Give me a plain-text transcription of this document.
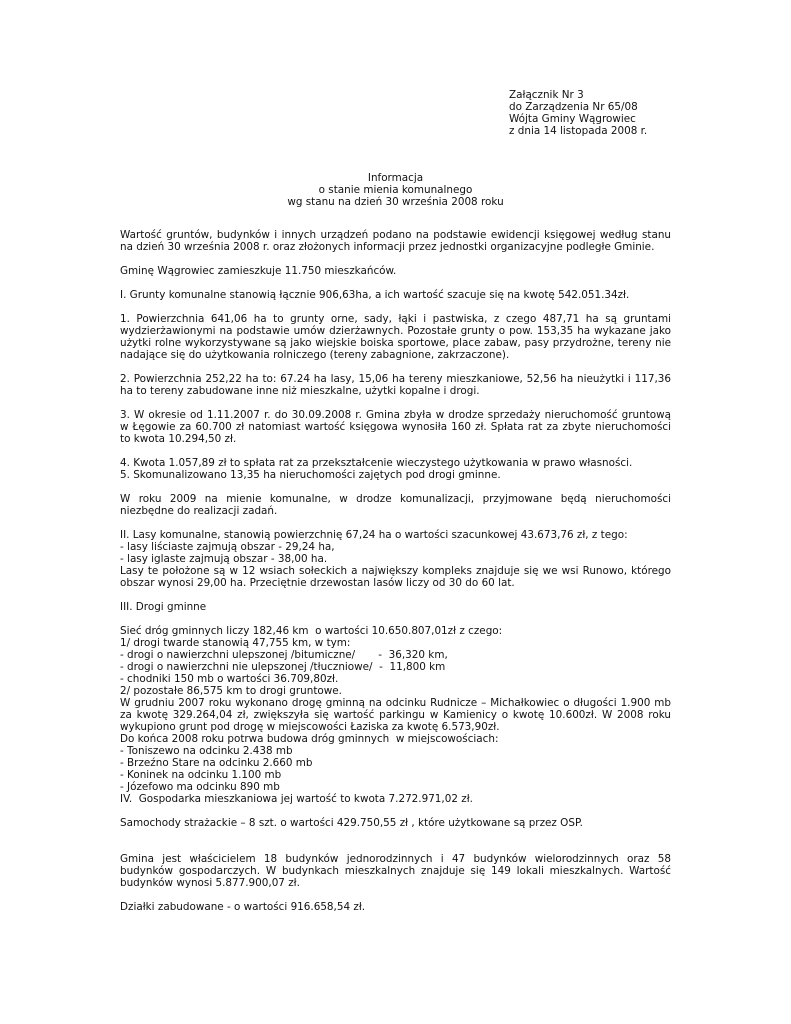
Załącznik Nr 3
do Zarządzenia Nr 65/08
Wójta Gminy Wągrowiec
z dnia 14 listopada 2008 r.
Informacja
o stanie mienia komunalnego
wg stanu na dzień 30 września 2008 roku

Wartość gruntów, budynków i innych urządzeń podano na podstawie ewidencji księgowej według stanu na dzień 30 września 2008 r. oraz złożonych informacji przez jednostki organizacyjne podległe Gminie.

Gminę Wągrowiec zamieszkuje 11.750 mieszkańców.

I. Grunty komunalne stanowią łącznie 906,63ha, a ich wartość szacuje się na kwotę 542.051.34zł.

1. Powierzchnia 641,06 ha to grunty orne, sady, łąki i pastwiska, z czego 487,71 ha są gruntami wydzierżawionymi na podstawie umów dzierżawnych. Pozostałe grunty o pow. 153,35 ha wykazane jako użytki rolne wykorzystywane są jako wiejskie boiska sportowe, place zabaw, pasy przydrożne, tereny nie nadające się do użytkowania rolniczego (tereny zabagnione, zakrzaczone).

2. Powierzchnia 252,22 ha to: 67.24 ha lasy, 15,06 ha tereny mieszkaniowe, 52,56 ha nieużytki i 117,36 ha to tereny zabudowane inne niż mieszkalne, użytki kopalne i drogi.

3. W okresie od 1.11.2007 r. do 30.09.2008 r. Gmina zbyła w drodze sprzedaży nieruchomość gruntową w Łęgowie za 60.700 zł natomiast wartość księgowa wynosiła 160 zł. Spłata rat za zbyte nieruchomości to kwota 10.294,50 zł.

4. Kwota 1.057,89 zł to spłata rat za przekształcenie wieczystego użytkowania w prawo własności.
5. Skomunalizowano 13,35 ha nieruchomości zajętych pod drogi gminne.

W roku 2009 na mienie komunalne, w drodze komunalizacji, przyjmowane będą nieruchomości niezbędne do realizacji zadań.

II. Lasy komunalne, stanowią powierzchnię 67,24 ha o wartości szacunkowej 43.673,76 zł, z tego:
- lasy liściaste zajmują obszar - 29,24 ha,
- lasy iglaste zajmują obszar - 38,00 ha.
Lasy te położone są w 12 wsiach sołeckich a największy kompleks znajduje się we wsi Runowo, którego obszar wynosi 29,00 ha. Przeciętnie drzewostan lasów liczy od 30 do 60 lat.

III. Drogi gminne

Sieć dróg gminnych liczy 182,46 km  o wartości 10.650.807,01zł z czego:
1/ drogi twarde stanowią 47,755 km, w tym:
- drogi o nawierzchni ulepszonej /bitumiczne/       -  36,320 km,
- drogi o nawierzchni nie ulepszonej /tłuczniowe/  -  11,800 km
- chodniki 150 mb o wartości 36.709,80zł.
2/ pozostałe 86,575 km to drogi gruntowe.
W grudniu 2007 roku wykonano drogę gminną na odcinku Rudnicze – Michałkowiec o długości 1.900 mb za kwotę 329.264,04 zł, zwiększyła się wartość parkingu w Kamienicy o kwotę 10.600zł. W 2008 roku wykupiono grunt pod drogę w miejscowości Łaziska za kwotę 6.573,90zł.
Do końca 2008 roku potrwa budowa dróg gminnych  w miejscowościach:
- Toniszewo na odcinku 2.438 mb
- Brzeźno Stare na odcinku 2.660 mb
- Koninek na odcinku 1.100 mb
- Józefowo ma odcinku 890 mb
IV.  Gospodarka mieszkaniowa jej wartość to kwota 7.272.971,02 zł.

Samochody strażackie – 8 szt. o wartości 429.750,55 zł , które użytkowane są przez OSP.

Gmina jest właścicielem 18 budynków jednorodzinnych i 47 budynków wielorodzinnych oraz 58 budynków gospodarczych. W budynkach mieszkalnych znajduje się 149 lokali mieszkalnych. Wartość budynków wynosi 5.877.900,07 zł.

Działki zabudowane - o wartości 916.658,54 zł.
